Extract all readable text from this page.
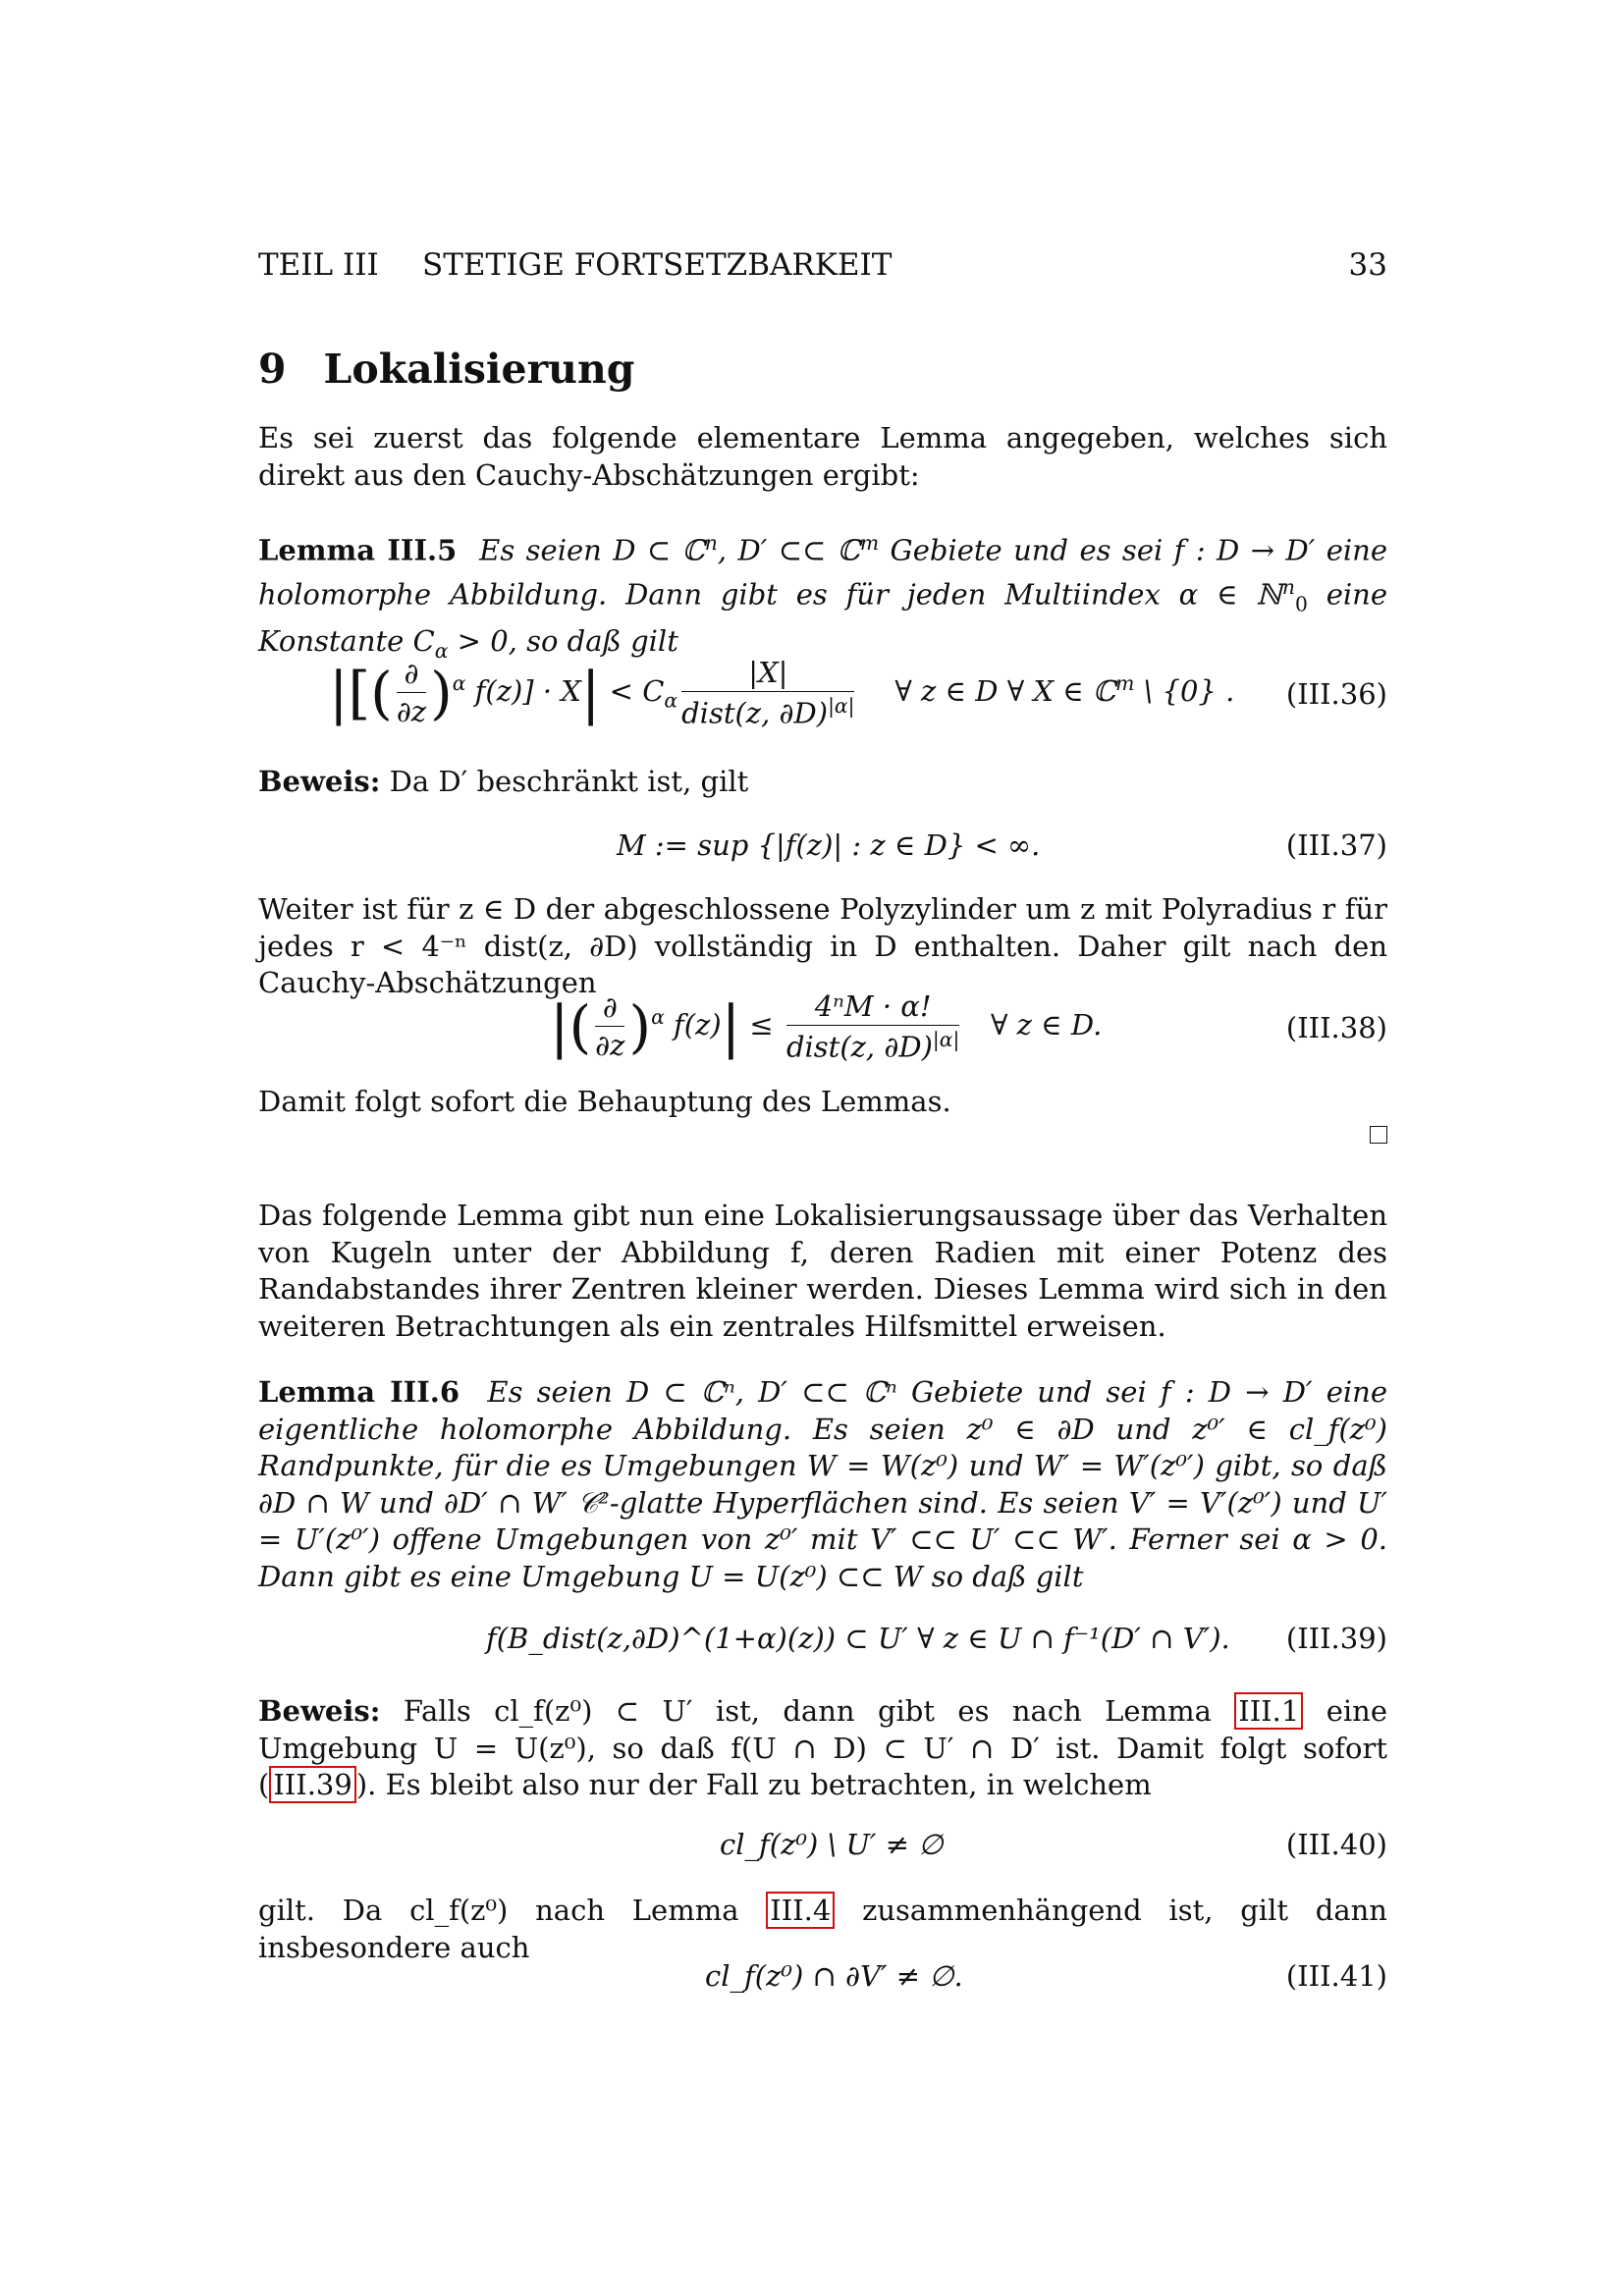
TEIL III STETIGE FORTSETZBARKEIT	33
9 Lokalisierung
Es sei zuerst das folgende elementare Lemma angegeben, welches sich direkt aus den Cauchy-Abschätzungen ergibt:
Lemma III.5 Es seien D ⊂ ℂ$^n$, D′ ⊂⊂ ℂ$^m$ Gebiete und es sei f : D → D′ eine holomorphe Abbildung. Dann gibt es für jeden Multiindex α ∈ ℕ$^n_0$ eine Konstante $C_\alpha > 0$, so daß gilt
|[( $\frac{\partial}{\partial z} )^\alpha$ $f(z)] \cdot X| < C_\alpha \frac{|X|}{dist(z, \partial D)^{|\alpha|}}$ ∀ z ∈ D ∀ X ∈ ℂ$^m$ \ {0} . (III.36)
Beweis: Da D′ beschränkt ist, gilt
M := sup {|f(z)| : z ∈ D} < ∞.	(III.37)
Weiter ist für z ∈ D der abgeschlossene Polyzylinder um z mit Polyradius r für jedes r < 4⁻ⁿ dist(z, ∂D) vollständig in D enthalten. Daher gilt nach den Cauchy-Abschätzungen
|( $\frac{\partial}{\partial z} )^\alpha$ $f(z)| \le \frac{\text{4ⁿM · α!}}{dist(z, \partial D)^{|\alpha|}}$ ∀ z ∈ D.	(III.38)
Damit folgt sofort die Behauptung des Lemmas.
Das folgende Lemma gibt nun eine Lokalisierungsaussage über das Verhalten von Kugeln unter der Abbildung f, deren Radien mit einer Potenz des Randabstandes ihrer Zentren kleiner werden. Dieses Lemma wird sich in den weiteren Betrachtungen als ein zentrales Hilfsmittel erweisen.
Lemma III.6 Es seien D ⊂ ℂⁿ, D′ ⊂⊂ ℂⁿ Gebiete und sei f : D → D′ eine eigentliche holomorphe Abbildung. Es seien z⁰ ∈ ∂D und z⁰′ ∈ cl_f(z⁰) Randpunkte, für die es Umgebungen W = W(z⁰) und W′ = W′(z⁰′) gibt, so daß ∂D ∩ W und ∂D′ ∩ W′ 𝒞²-glatte Hyperflächen sind. Es seien V′ = V′(z⁰′) und U′ = U′(z⁰′) offene Umgebungen von z⁰′ mit V′ ⊂⊂ U′ ⊂⊂ W′. Ferner sei α > 0. Dann gibt es eine Umgebung U = U(z⁰) ⊂⊂ W so daß gilt
f(B_dist(z,∂D)^(1+α)(z)) ⊂ U′ ∀ z ∈ U ∩ f⁻¹(D′ ∩ V′). (III.39)
Beweis: Falls cl_f(z⁰) ⊂ U′ ist, dann gibt es nach Lemma III.1 eine Umgebung U = U(z⁰), so daß f(U ∩ D) ⊂ U′ ∩ D′ ist. Damit folgt sofort ( III.39 ). Es bleibt also nur der Fall zu betrachten, in welchem
cl_f(z⁰) \ U′ ≠ ∅	(III.40)
gilt. Da cl_f(z⁰) nach Lemma III.4 zusammenhängend ist, gilt dann insbesondere auch
cl_f(z⁰) ∩ ∂V′ ≠ ∅.	(III.41)
